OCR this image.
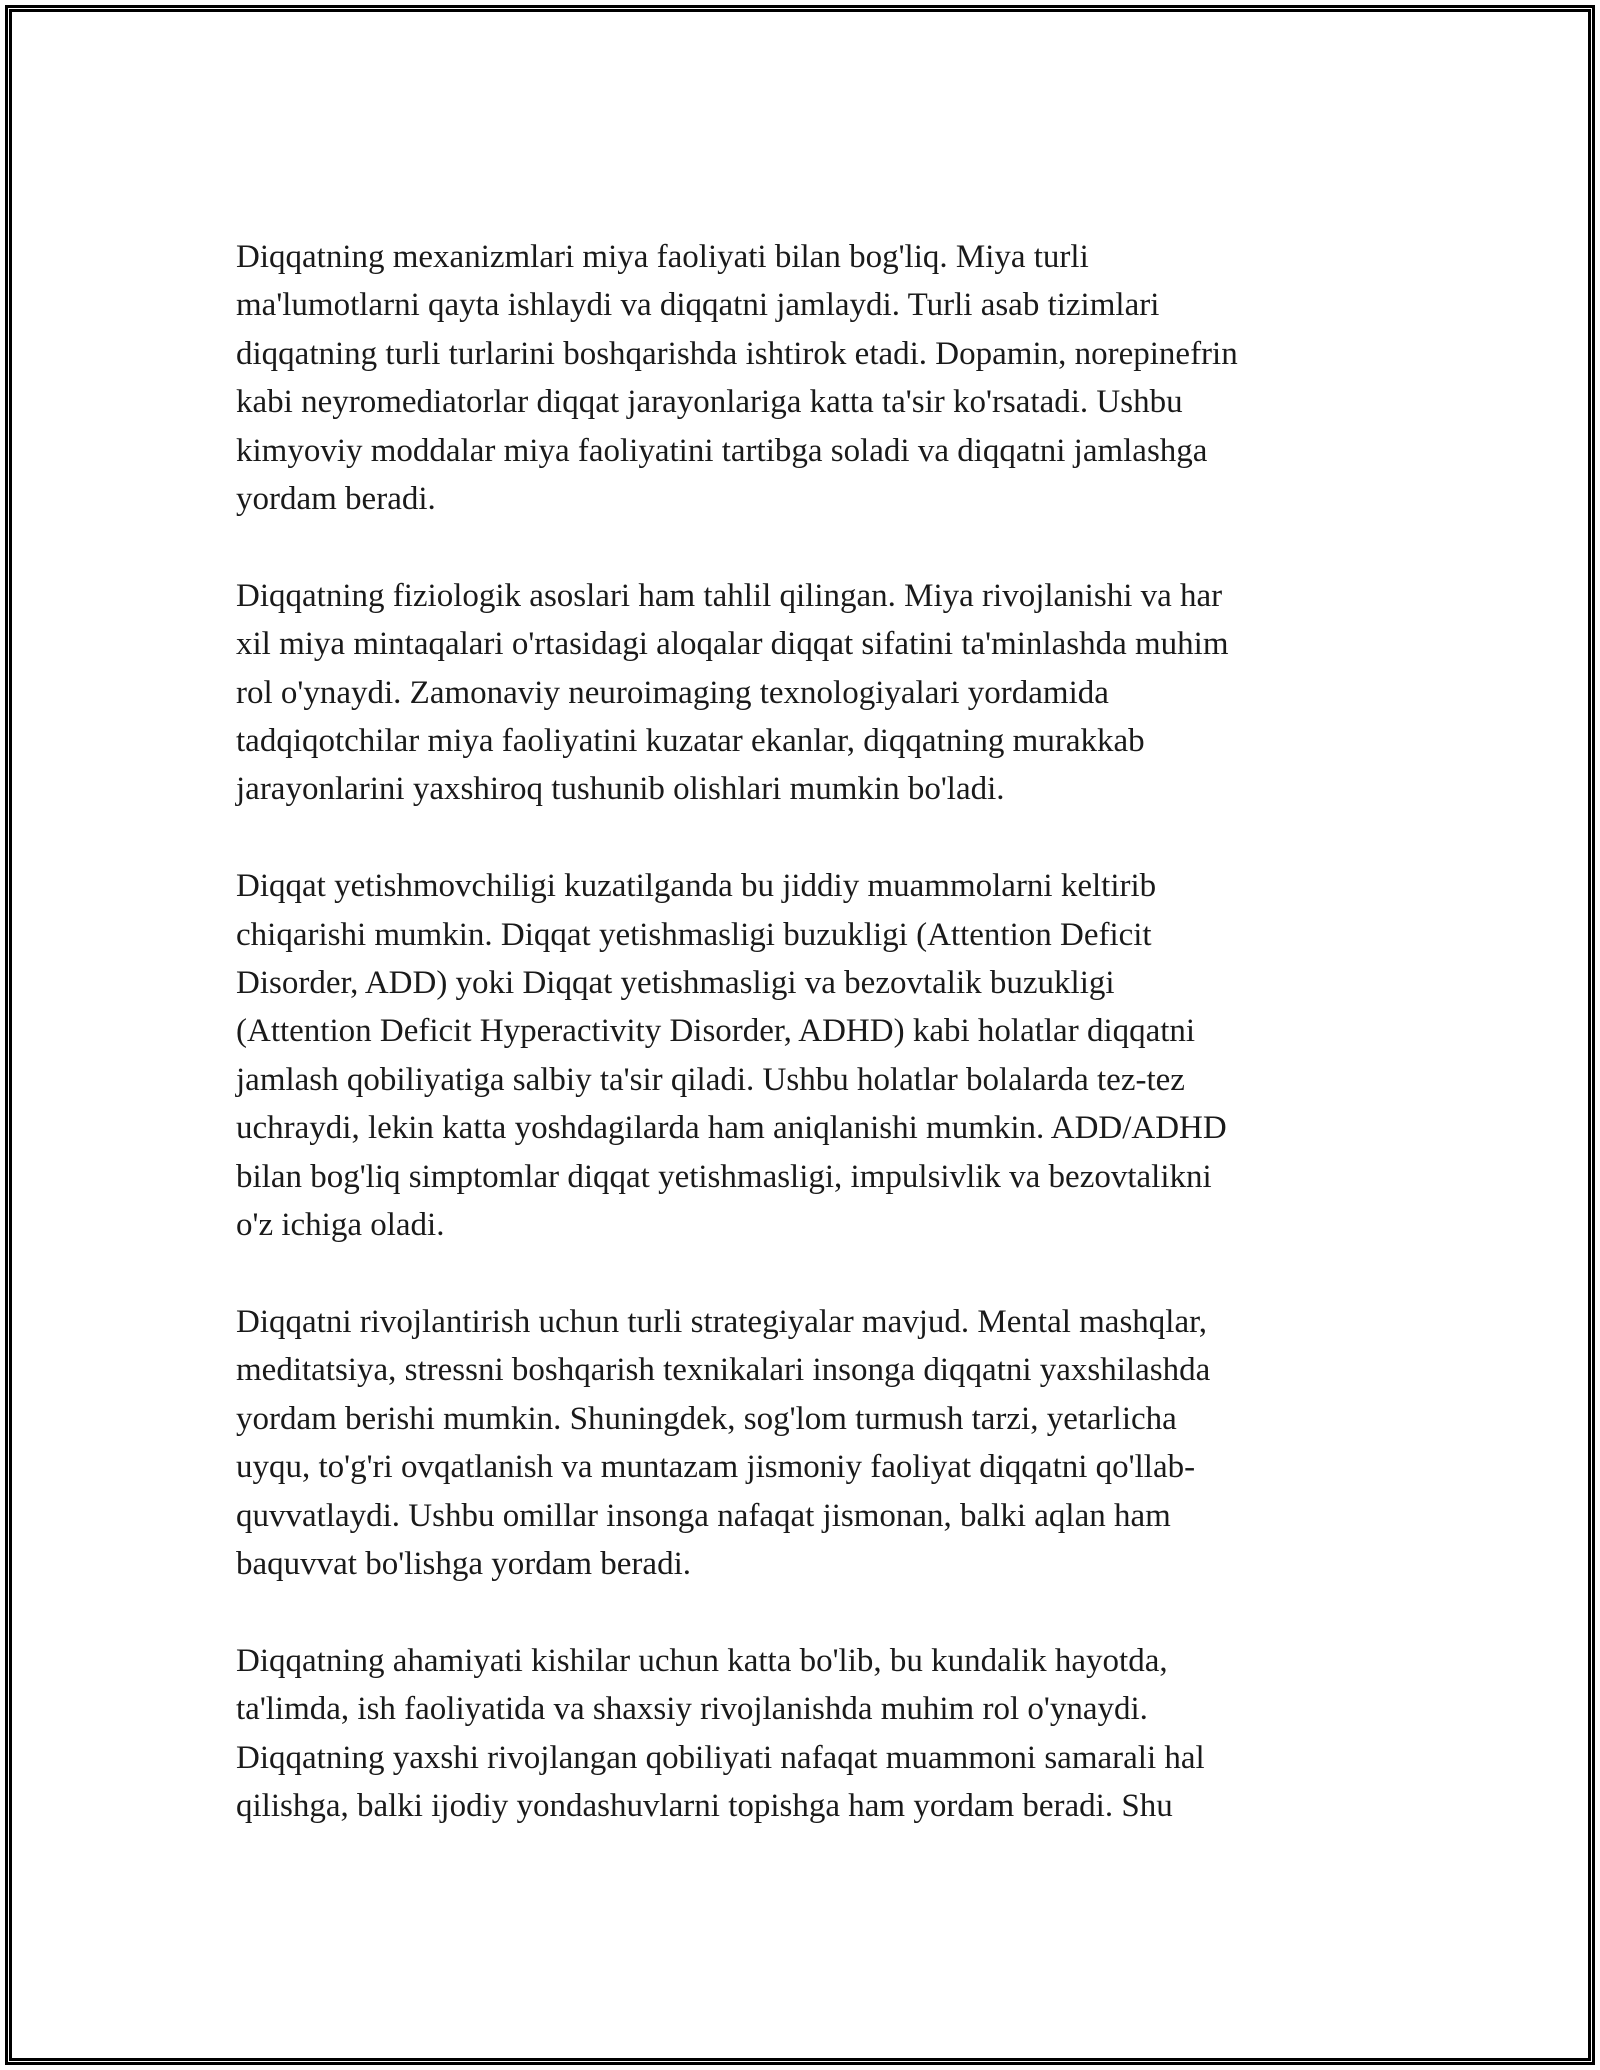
Diqqatning mexanizmlari miya faoliyati bilan bog'liq. Miya turli
ma'lumotlarni qayta ishlaydi va diqqatni jamlaydi. Turli asab tizimlari
diqqatning turli turlarini boshqarishda ishtirok etadi. Dopamin, norepinefrin
kabi neyromediatorlar diqqat jarayonlariga katta ta'sir ko'rsatadi. Ushbu
kimyoviy moddalar miya faoliyatini tartibga soladi va diqqatni jamlashga
yordam beradi.

Diqqatning fiziologik asoslari ham tahlil qilingan. Miya rivojlanishi va har
xil miya mintaqalari o'rtasidagi aloqalar diqqat sifatini ta'minlashda muhim
rol o'ynaydi. Zamonaviy neuroimaging texnologiyalari yordamida
tadqiqotchilar miya faoliyatini kuzatar ekanlar, diqqatning murakkab
jarayonlarini yaxshiroq tushunib olishlari mumkin bo'ladi.

Diqqat yetishmovchiligi kuzatilganda bu jiddiy muammolarni keltirib
chiqarishi mumkin. Diqqat yetishmasligi buzukligi (Attention Deficit
Disorder, ADD) yoki Diqqat yetishmasligi va bezovtalik buzukligi
(Attention Deficit Hyperactivity Disorder, ADHD) kabi holatlar diqqatni
jamlash qobiliyatiga salbiy ta'sir qiladi. Ushbu holatlar bolalarda tez-tez
uchraydi, lekin katta yoshdagilarda ham aniqlanishi mumkin. ADD/ADHD
bilan bog'liq simptomlar diqqat yetishmasligi, impulsivlik va bezovtalikni
o'z ichiga oladi.

Diqqatni rivojlantirish uchun turli strategiyalar mavjud. Mental mashqlar,
meditatsiya, stressni boshqarish texnikalari insonga diqqatni yaxshilashda
yordam berishi mumkin. Shuningdek, sog'lom turmush tarzi, yetarlicha
uyqu, to'g'ri ovqatlanish va muntazam jismoniy faoliyat diqqatni qo'llab-
quvvatlaydi. Ushbu omillar insonga nafaqat jismonan, balki aqlan ham
baquvvat bo'lishga yordam beradi.

Diqqatning ahamiyati kishilar uchun katta bo'lib, bu kundalik hayotda,
ta'limda, ish faoliyatida va shaxsiy rivojlanishda muhim rol o'ynaydi.
Diqqatning yaxshi rivojlangan qobiliyati nafaqat muammoni samarali hal
qilishga, balki ijodiy yondashuvlarni topishga ham yordam beradi. Shu
